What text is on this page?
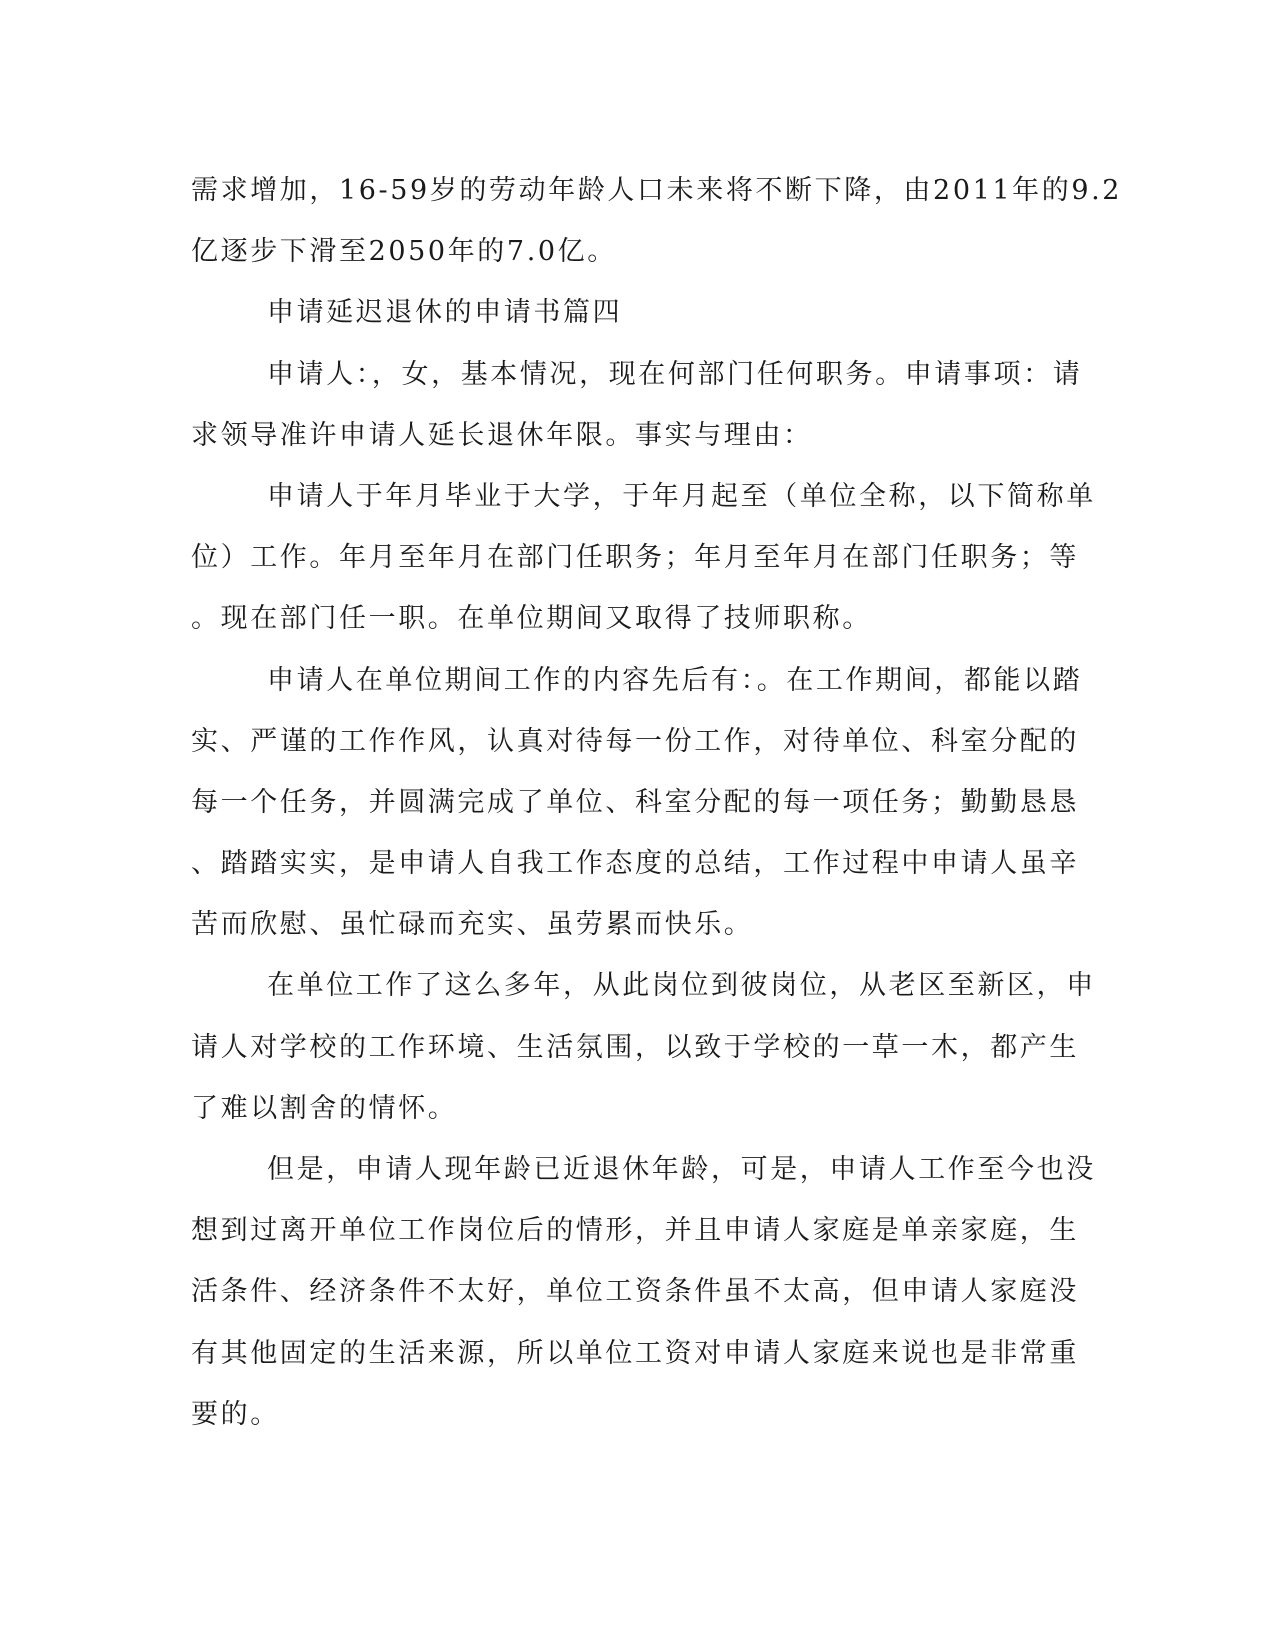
需求增加，16-59岁的劳动年龄人口未来将不断下降，由2011年的9.2
亿逐步下滑至2050年的7.0亿。
申请延迟退休的申请书篇四
申请人：，女，基本情况，现在何部门任何职务。申请事项：请
求领导准许申请人延长退休年限。事实与理由：
申请人于年月毕业于大学，于年月起至（单位全称，以下简称单
位）工作。年月至年月在部门任职务；年月至年月在部门任职务；等
。现在部门任一职。在单位期间又取得了技师职称。
申请人在单位期间工作的内容先后有：。在工作期间，都能以踏
实、严谨的工作作风，认真对待每一份工作，对待单位、科室分配的
每一个任务，并圆满完成了单位、科室分配的每一项任务；勤勤恳恳
、踏踏实实，是申请人自我工作态度的总结，工作过程中申请人虽辛
苦而欣慰、虽忙碌而充实、虽劳累而快乐。
在单位工作了这么多年，从此岗位到彼岗位，从老区至新区，申
请人对学校的工作环境、生活氛围，以致于学校的一草一木，都产生
了难以割舍的情怀。
但是，申请人现年龄已近退休年龄，可是，申请人工作至今也没
想到过离开单位工作岗位后的情形，并且申请人家庭是单亲家庭，生
活条件、经济条件不太好，单位工资条件虽不太高，但申请人家庭没
有其他固定的生活来源，所以单位工资对申请人家庭来说也是非常重
要的。
